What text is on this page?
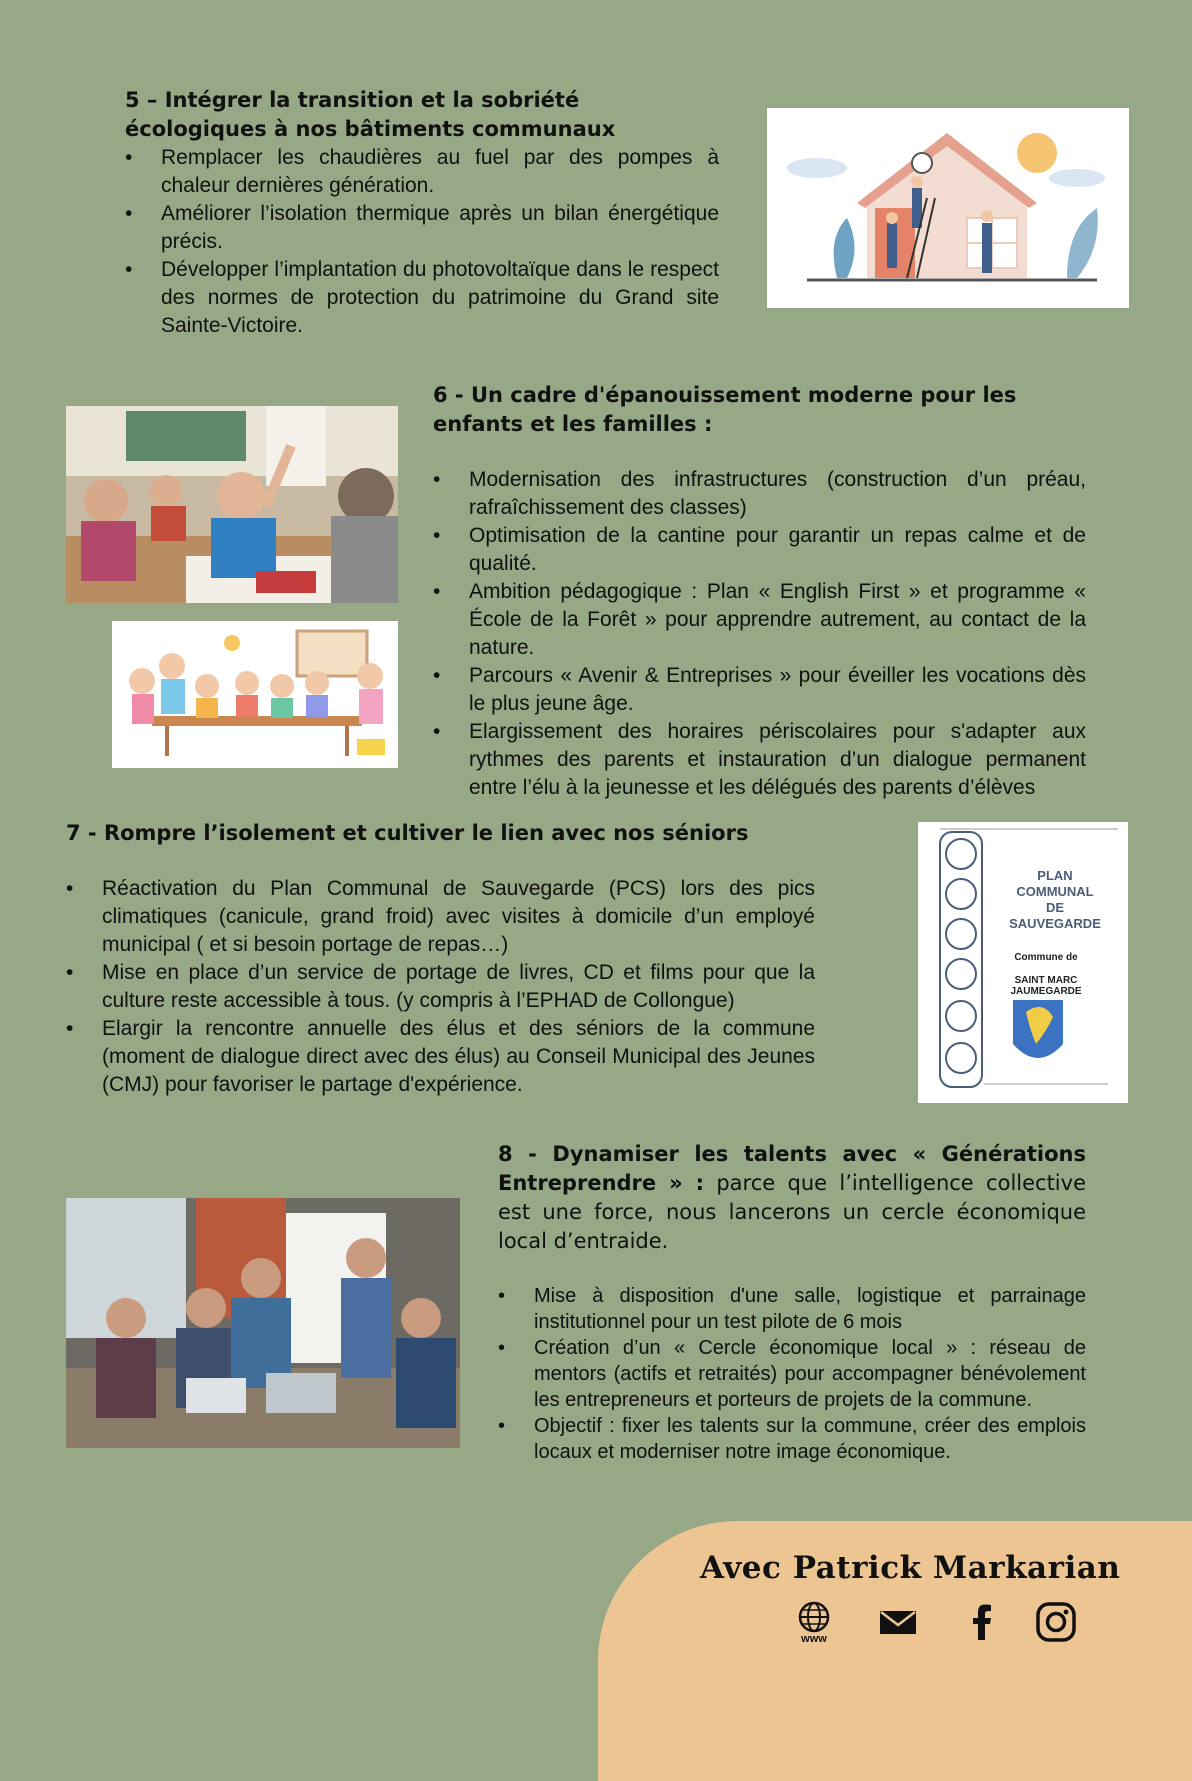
5 – Intégrer la transition et la sobriété écologiques à nos bâtiments communaux

• Remplacer les chaudières au fuel par des pompes à chaleur dernières génération.
• Améliorer l’isolation thermique après un bilan énergétique précis.
• Développer l’implantation du photovoltaïque dans le respect des normes de protection du patrimoine du Grand site Sainte-Victoire.

6 - Un cadre d'épanouissement moderne pour les enfants et les familles :

• Modernisation des infrastructures (construction d’un préau, rafraîchissement des classes)
• Optimisation de la cantine pour garantir un repas calme et de qualité.
• Ambition pédagogique : Plan « English First » et programme « École de la Forêt » pour apprendre autrement, au contact de la nature.
• Parcours « Avenir & Entreprises » pour éveiller les vocations dès le plus jeune âge.
• Elargissement des horaires périscolaires pour s'adapter aux rythmes des parents et instauration d’un dialogue permanent entre l’élu à la jeunesse et les délégués des parents d’élèves

7 - Rompre l’isolement et cultiver le lien avec nos séniors

• Réactivation du Plan Communal de Sauvegarde (PCS) lors des pics climatiques (canicule, grand froid) avec visites à domicile d’un employé municipal ( et si besoin portage de repas…)
• Mise en place d’un service de portage de livres, CD et films pour que la culture reste accessible à tous. (y compris à l’EPHAD de Collongue)
• Elargir la rencontre annuelle des élus et des séniors de la commune (moment de dialogue direct avec des élus) au Conseil Municipal des Jeunes (CMJ) pour favoriser le partage d'expérience.
PLAN
COMMUNAL
DE
SAUVEGARDE
Commune de
SAINT MARC
JAUMEGARDE

8 - Dynamiser les talents avec « Générations Entreprendre » : parce que l’intelligence collective est une force, nous lancerons un cercle économique local d’entraide.

• Mise à disposition d'une salle, logistique et parrainage institutionnel pour un test pilote de 6 mois
• Création d’un « Cercle économique local » : réseau de mentors (actifs et retraités) pour accompagner bénévolement les entrepreneurs et porteurs de projets de la commune.
• Objectif : fixer les talents sur la commune, créer des emplois locaux et moderniser notre image économique.
Avec Patrick Markarian
www
